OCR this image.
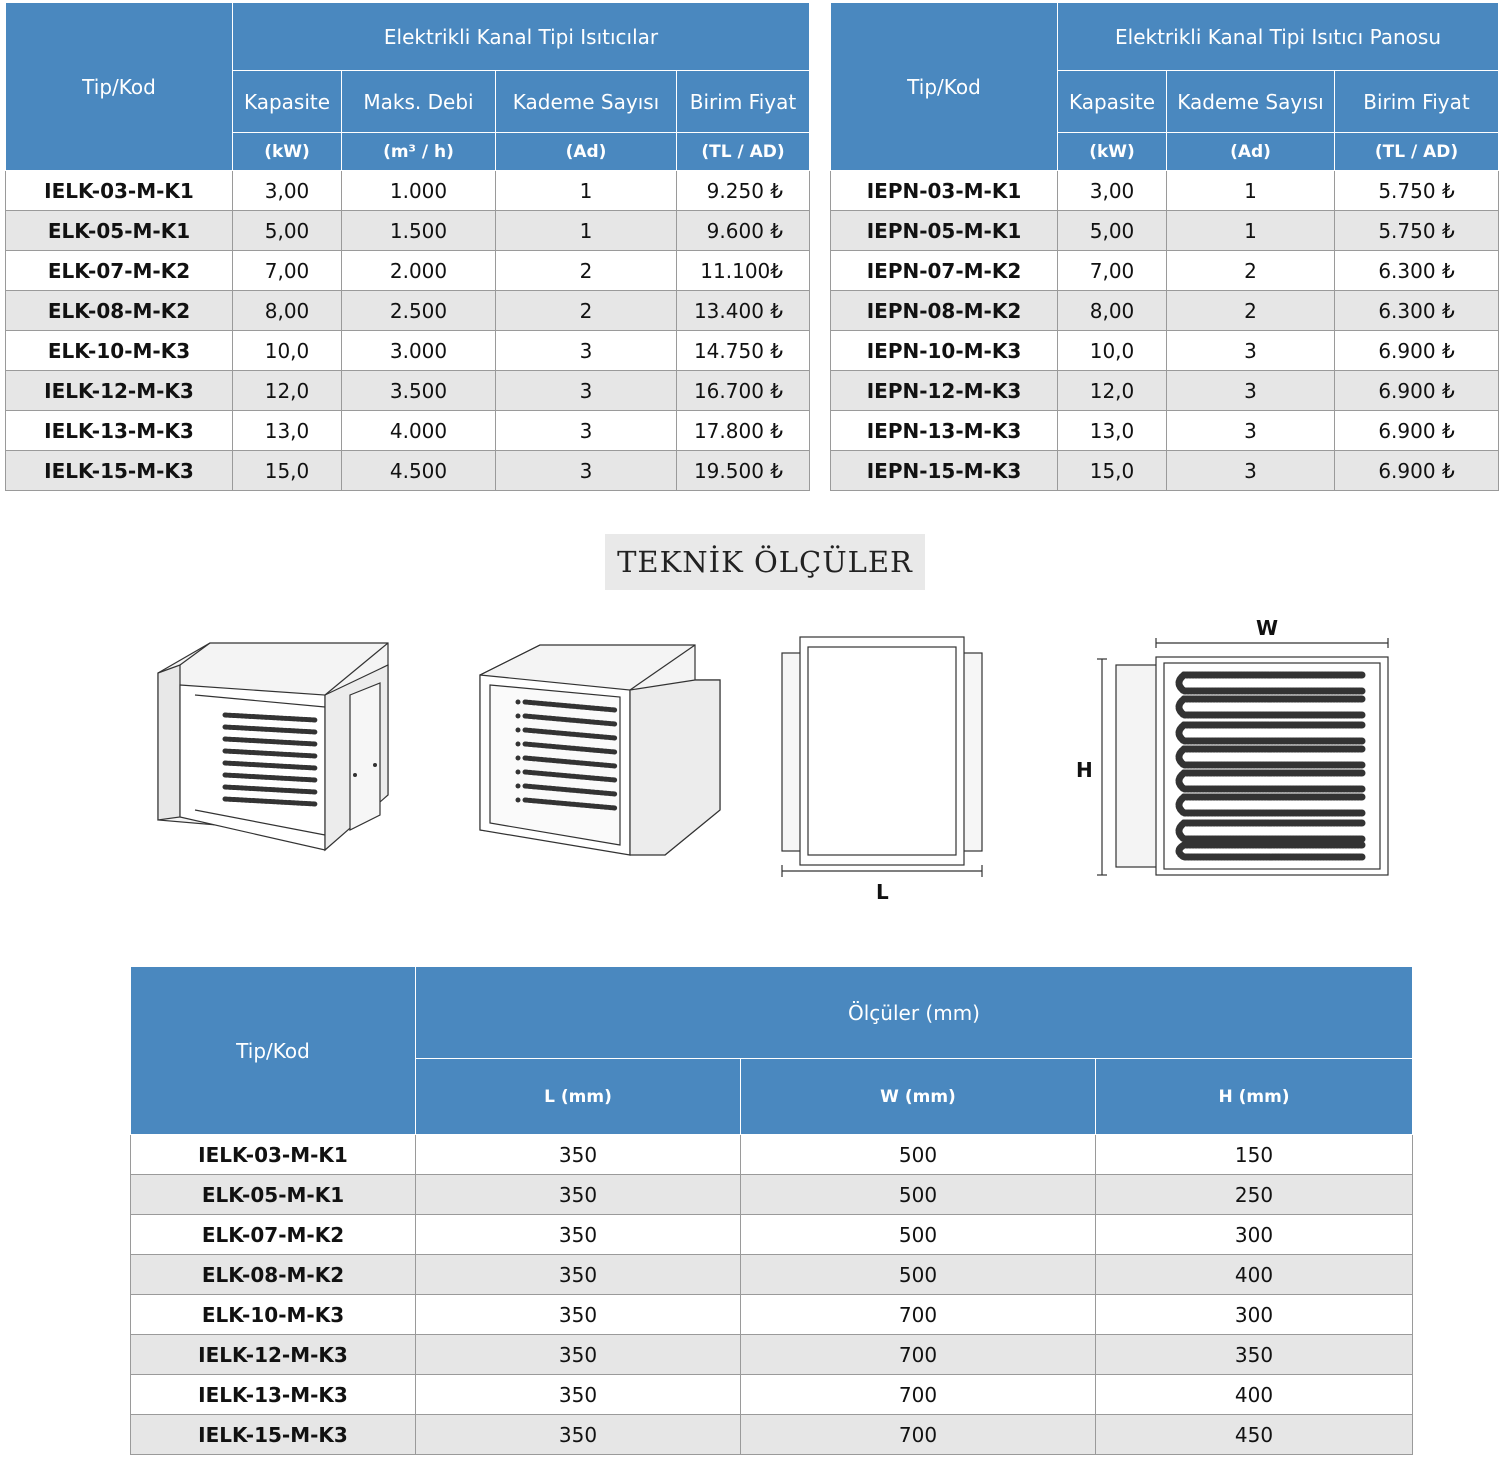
Tip/Kod	Elektrikli Kanal Tipi Isıtıcılar			
	Kapasite	Maks. Debi	Kademe Sayısı	Birim Fiyat
	(kW)	(m³ / h)	(Ad)	(TL / AD)
IELK-03-M-K1	3,00	1.000	1	9.250 ₺
ELK-05-M-K1	5,00	1.500	1	9.600 ₺
ELK-07-M-K2	7,00	2.000	2	11.100₺
ELK-08-M-K2	8,00	2.500	2	13.400 ₺
ELK-10-M-K3	10,0	3.000	3	14.750 ₺
IELK-12-M-K3	12,0	3.500	3	16.700 ₺
IELK-13-M-K3	13,0	4.000	3	17.800 ₺
IELK-15-M-K3	15,0	4.500	3	19.500 ₺
Tip/Kod	Elektrikli Kanal Tipi Isıtıcı Panosu		
	Kapasite	Kademe Sayısı	Birim Fiyat
	(kW)	(Ad)	(TL / AD)
IEPN-03-M-K1	3,00	1	5.750 ₺
IEPN-05-M-K1	5,00	1	5.750 ₺
IEPN-07-M-K2	7,00	2	6.300 ₺
IEPN-08-M-K2	8,00	2	6.300 ₺
IEPN-10-M-K3	10,0	3	6.900 ₺
IEPN-12-M-K3	12,0	3	6.900 ₺
IEPN-13-M-K3	13,0	3	6.900 ₺
IEPN-15-M-K3	15,0	3	6.900 ₺
TEKNİK ÖLÇÜLER
L
W
H
Tip/Kod	Ölçüler (mm)		
	L (mm)	W (mm)	H (mm)
IELK-03-M-K1	350	500	150
ELK-05-M-K1	350	500	250
ELK-07-M-K2	350	500	300
ELK-08-M-K2	350	500	400
ELK-10-M-K3	350	700	300
IELK-12-M-K3	350	700	350
IELK-13-M-K3	350	700	400
IELK-15-M-K3	350	700	450
